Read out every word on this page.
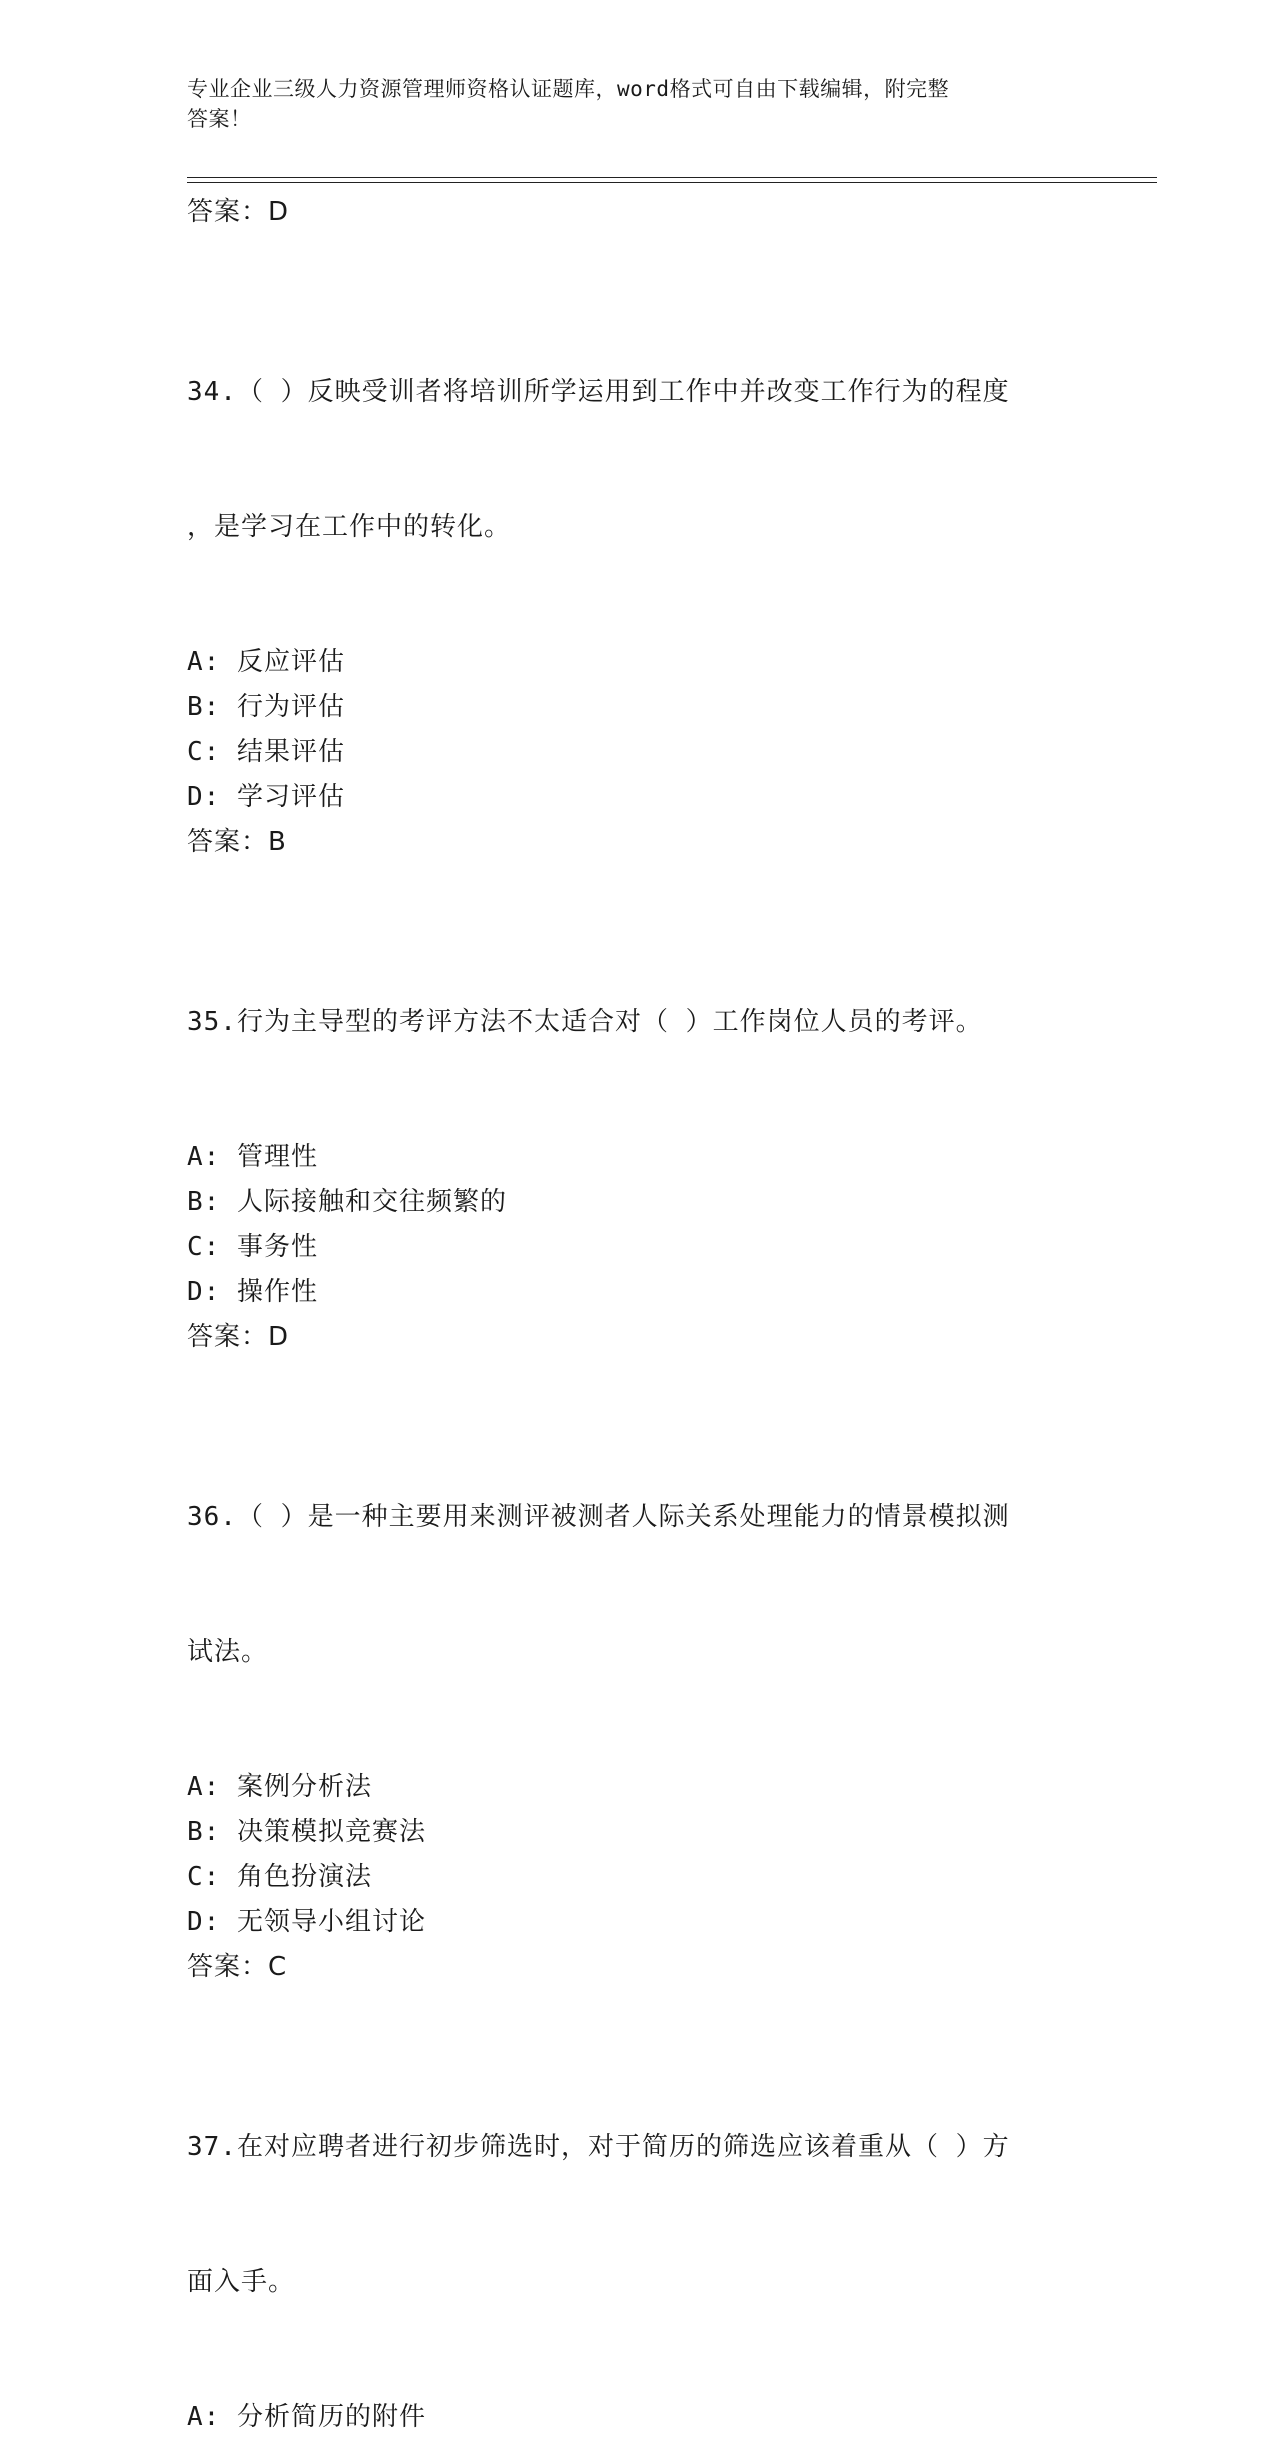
专业企业三级人力资源管理师资格认证题库，word格式可自由下载编辑，附完整
答案！
答案：D

34.（ ）反映受训者将培训所学运用到工作中并改变工作行为的程度

，是学习在工作中的转化。

A: 反应评估
B: 行为评估
C: 结果评估
D: 学习评估
答案：B

35.行为主导型的考评方法不太适合对（ ）工作岗位人员的考评。

A: 管理性
B: 人际接触和交往频繁的
C: 事务性
D: 操作性
答案：D

36.（ ）是一种主要用来测评被测者人际关系处理能力的情景模拟测

试法。

A: 案例分析法
B: 决策模拟竞赛法
C: 角色扮演法
D: 无领导小组讨论
答案：C

37.在对应聘者进行初步筛选时，对于简历的筛选应该着重从（ ）方

面入手。

A: 分析简历的附件
